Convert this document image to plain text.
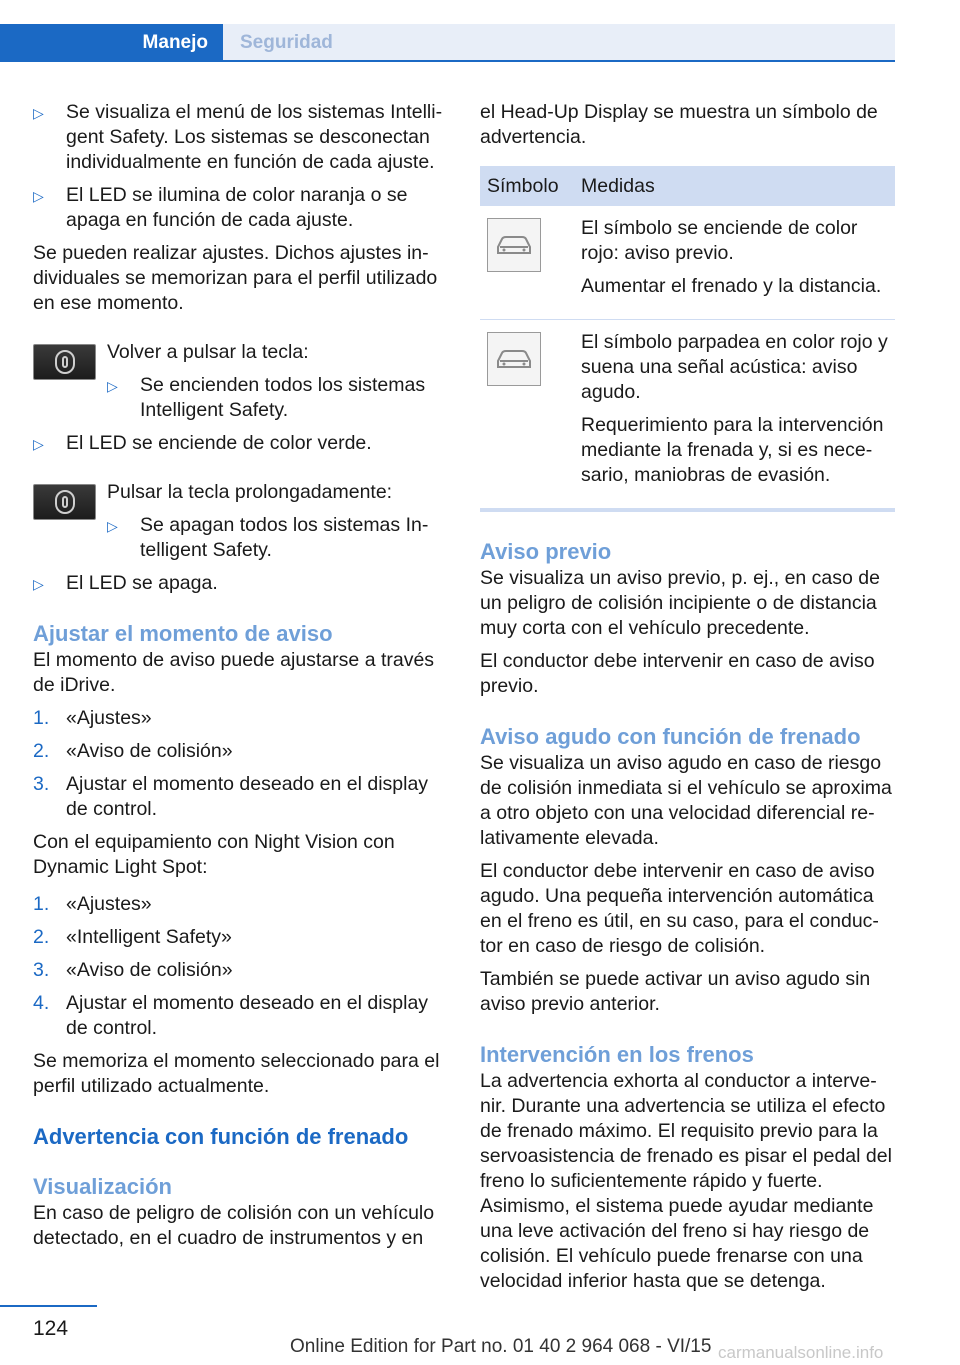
Manejo	Seguridad
▷ Se visualiza el menú de los sistemas Intelli‐gent Safety. Los sistemas se desconectan individualmente en función de cada ajuste.
▷ El LED se ilumina de color naranja o se apaga en función de cada ajuste.

Se pueden realizar ajustes. Dichos ajustes in‐dividuales se memorizan para el perfil utilizado en ese momento.

Volver a pulsar la tecla:
▷ Se encienden todos los sistemas Intelligent Safety.
▷ El LED se enciende de color verde.
Pulsar la tecla prolongadamente:
▷ Se apagan todos los sistemas In‐telligent Safety.
▷ El LED se apaga.
Ajustar el momento de aviso

El momento de aviso puede ajustarse a través de iDrive.

1. «Ajustes»
2. «Aviso de colisión»
3. Ajustar el momento deseado en el display de control.

Con el equipamiento con Night Vision con Dynamic Light Spot:

1. «Ajustes»
2. «Intelligent Safety»
3. «Aviso de colisión»
4. Ajustar el momento deseado en el display de control.

Se memoriza el momento seleccionado para el perfil utilizado actualmente.

Advertencia con función de frenado
Visualización

En caso de peligro de colisión con un vehículo detectado, en el cuadro de instrumentos y en

el Head-Up Display se muestra un símbolo de advertencia.

Símbolo	Medidas

El símbolo se enciende de color rojo: aviso previo.

Aumentar el frenado y la distancia.

El símbolo parpadea en color rojo y suena una señal acústica: aviso agudo.

Requerimiento para la intervención mediante la frenada y, si es nece‐sario, maniobras de evasión.

Aviso previo

Se visualiza un aviso previo, p. ej., en caso de un peligro de colisión incipiente o de distancia muy corta con el vehículo precedente.

El conductor debe intervenir en caso de aviso previo.

Aviso agudo con función de frenado

Se visualiza un aviso agudo en caso de riesgo de colisión inmediata si el vehículo se aproxima a otro objeto con una velocidad diferencial re‐lativamente elevada.

El conductor debe intervenir en caso de aviso agudo. Una pequeña intervención automática en el freno es útil, en su caso, para el conduc‐tor en caso de riesgo de colisión.

También se puede activar un aviso agudo sin aviso previo anterior.

Intervención en los frenos

La advertencia exhorta al conductor a interve‐nir. Durante una advertencia se utiliza el efecto de frenado máximo. El requisito previo para la servoasistencia de frenado es pisar el pedal del freno lo suficientemente rápido y fuerte. Asimismo, el sistema puede ayudar mediante una leve activación del freno si hay riesgo de colisión. El vehículo puede frenarse con una velocidad inferior hasta que se detenga.

124
Online Edition for Part no. 01 40 2 964 068 - VI/15 carmanualsonline.info
